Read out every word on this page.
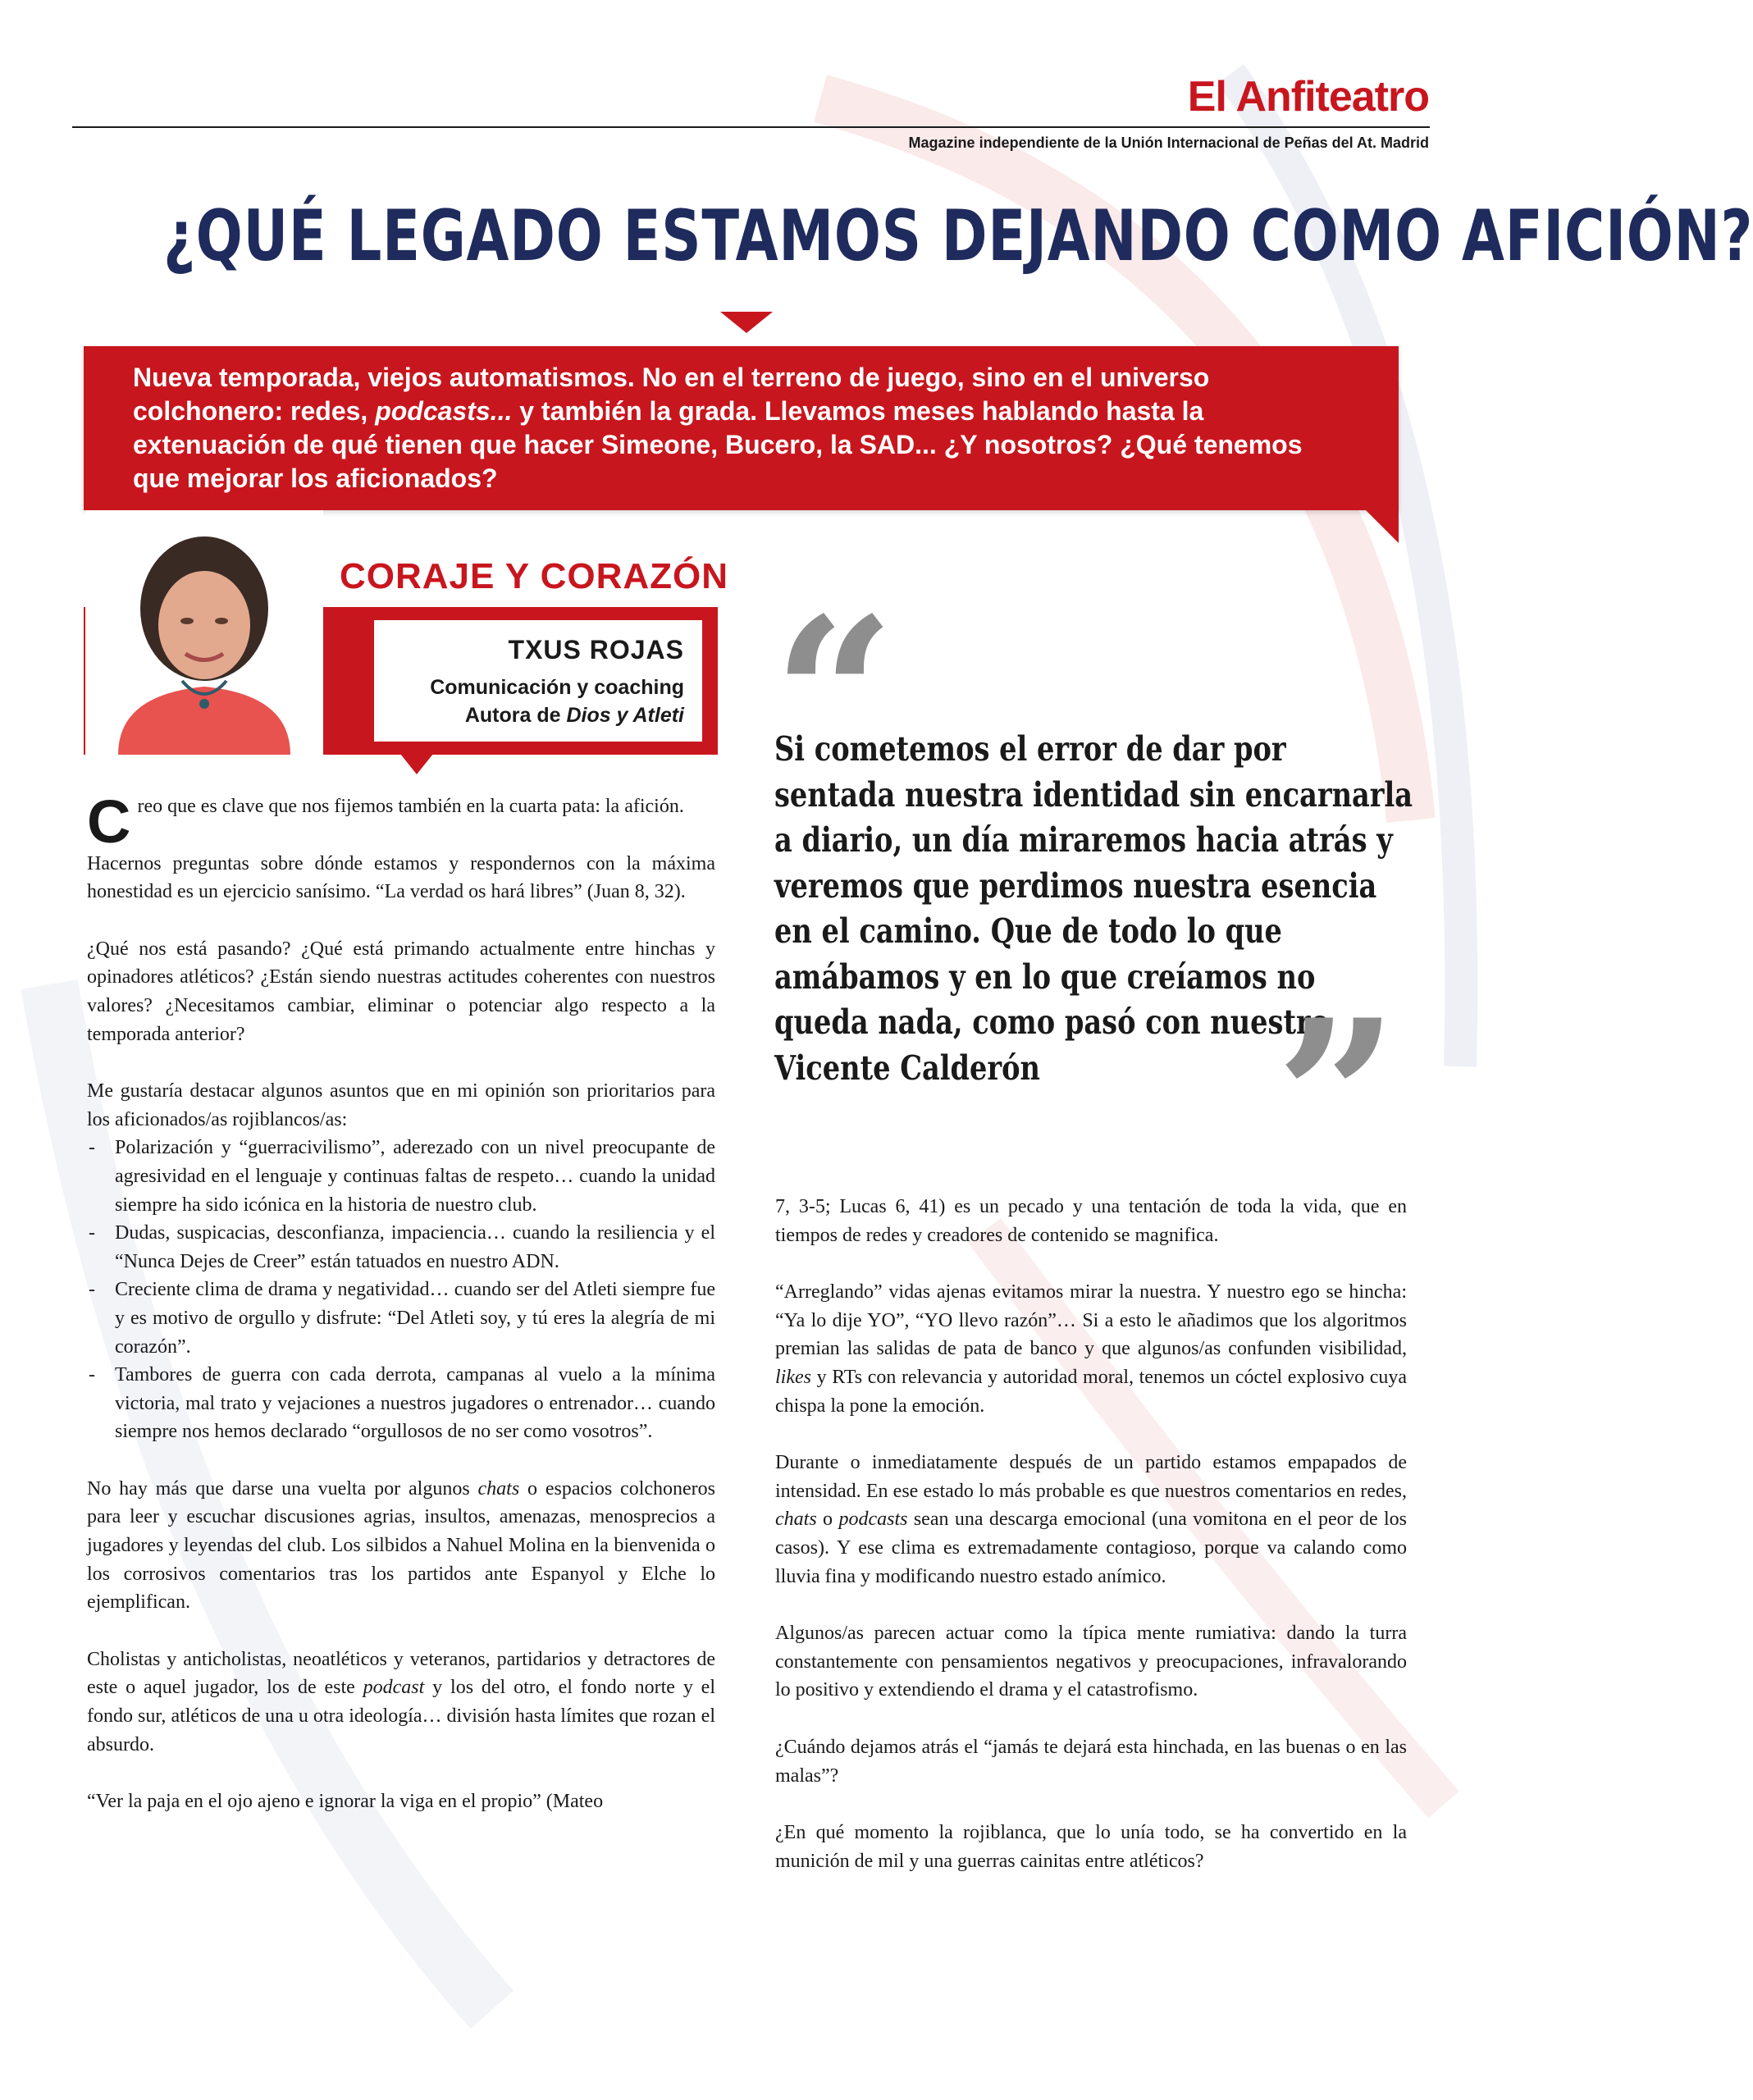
El Anfiteatro
Magazine independiente de la Unión Internacional de Peñas del At. Madrid
¿QUÉ LEGADO ESTAMOS DEJANDO COMO AFICIÓN?
Nueva temporada, viejos automatismos. No en el terreno de juego, sino en el universo colchonero: redes, podcasts... y también la grada. Llevamos meses hablando hasta la extenuación de qué tienen que hacer Simeone, Bucero, la SAD... ¿Y nosotros? ¿Qué tenemos que mejorar los aficionados?
CORAJE Y CORAZÓN
TXUS ROJAS
Comunicación y coaching
Autora de Dios y Atleti “
Si cometemos el error de dar por sentada nuestra identidad sin encarnarla a diario, un día miraremos hacia atrás y veremos que perdimos nuestra esencia en el camino. Que de todo lo que amábamos y en lo que creíamos no queda nada, como pasó con nuestro Vicente Calderón	”

Creo que es clave que nos fijemos también en la cuarta pata: la afición.

Hacernos preguntas sobre dónde estamos y respondernos con la máxima honestidad es un ejercicio sanísimo. “La verdad os hará libres” (Juan 8, 32).

¿Qué nos está pasando? ¿Qué está primando actualmente entre hinchas y opinadores atléticos? ¿Están siendo nuestras actitudes coherentes con nuestros valores? ¿Necesitamos cambiar, eliminar o potenciar algo respecto a la temporada anterior?

Me gustaría destacar algunos asuntos que en mi opinión son prioritarios para los aficionados/as rojiblancos/as:

- Polarización y “guerracivilismo”, aderezado con un nivel preocupante de agresividad en el lenguaje y continuas faltas de respeto… cuando la unidad siempre ha sido icónica en la historia de nuestro club.
- Dudas, suspicacias, desconfianza, impaciencia… cuando la resiliencia y el “Nunca Dejes de Creer” están tatuados en nuestro ADN.
- Creciente clima de drama y negatividad… cuando ser del Atleti siempre fue y es motivo de orgullo y disfrute: “Del Atleti soy, y tú eres la alegría de mi corazón”.
- Tambores de guerra con cada derrota, campanas al vuelo a la mínima victoria, mal trato y vejaciones a nuestros jugadores o entrenador… cuando siempre nos hemos declarado “orgullosos de no ser como vosotros”.

No hay más que darse una vuelta por algunos chats o espacios colchoneros para leer y escuchar discusiones agrias, insultos, amenazas, menosprecios a jugadores y leyendas del club. Los silbidos a Nahuel Molina en la bienvenida o los corrosivos comentarios tras los partidos ante Espanyol y Elche lo ejemplifican.

Cholistas y anticholistas, neoatléticos y veteranos, partidarios y detractores de este o aquel jugador, los de este podcast y los del otro, el fondo norte y el fondo sur, atléticos de una u otra ideología… división hasta límites que rozan el absurdo.

“Ver la paja en el ojo ajeno e ignorar la viga en el propio” (Mateo

7, 3-5; Lucas 6, 41) es un pecado y una tentación de toda la vida, que en tiempos de redes y creadores de contenido se magnifica.

“Arreglando” vidas ajenas evitamos mirar la nuestra. Y nuestro ego se hincha: “Ya lo dije YO”, “YO llevo razón”… Si a esto le añadimos que los algoritmos premian las salidas de pata de banco y que algunos/as confunden visibilidad, likes y RTs con relevancia y autoridad moral, tenemos un cóctel explosivo cuya chispa la pone la emoción.

Durante o inmediatamente después de un partido estamos empapados de intensidad. En ese estado lo más probable es que nuestros comentarios en redes, chats o podcasts sean una descarga emocional (una vomitona en el peor de los casos). Y ese clima es extremadamente contagioso, porque va calando como lluvia fina y modificando nuestro estado anímico.

Algunos/as parecen actuar como la típica mente rumiativa: dando la turra constantemente con pensamientos negativos y preocupaciones, infravalorando lo positivo y extendiendo el drama y el catastrofismo.

¿Cuándo dejamos atrás el “jamás te dejará esta hinchada, en las buenas o en las malas”?

¿En qué momento la rojiblanca, que lo unía todo, se ha convertido en la munición de mil y una guerras cainitas entre atléticos?
